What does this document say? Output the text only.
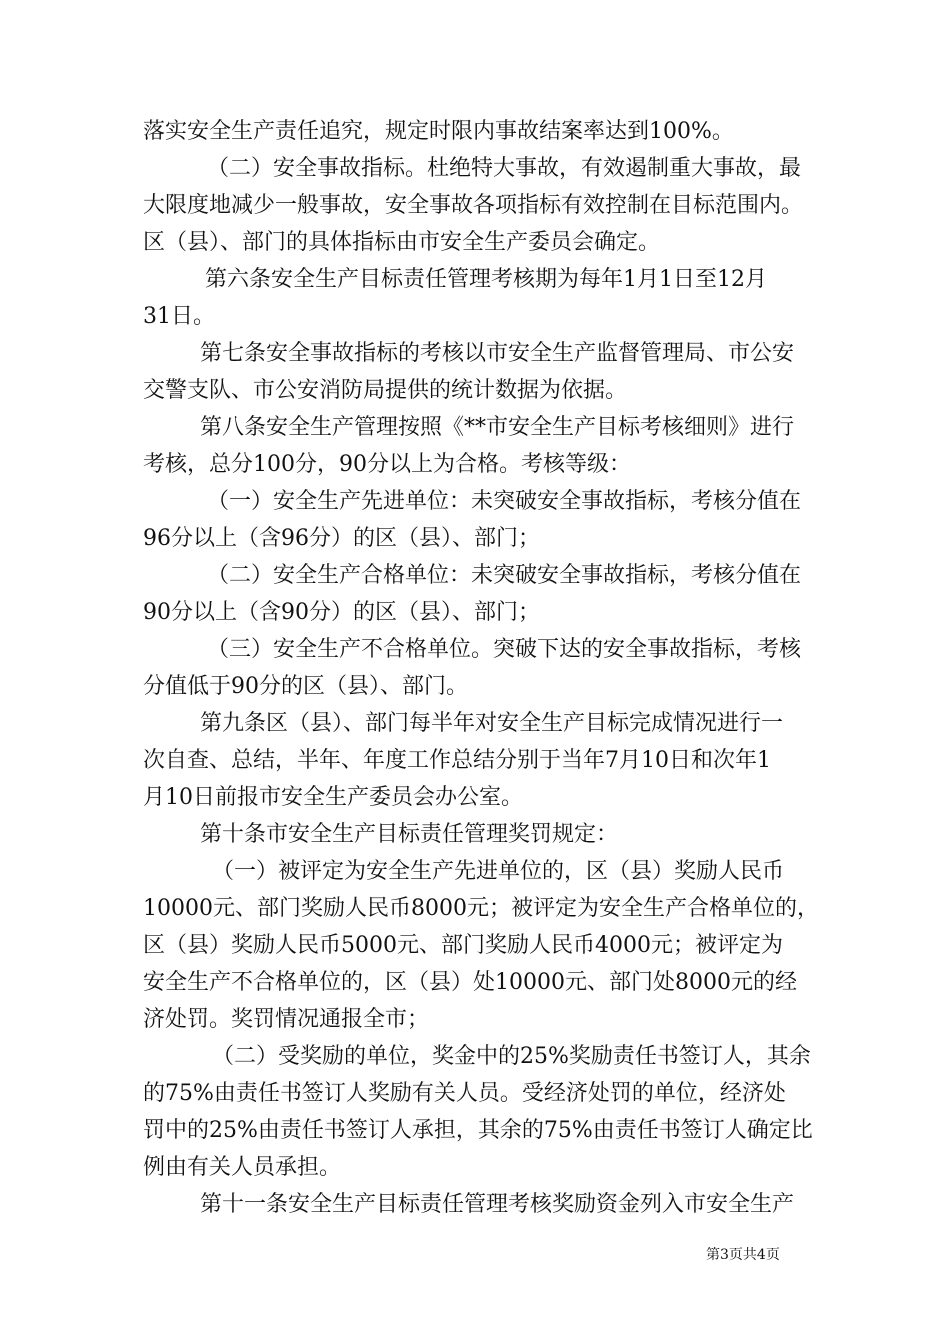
落实安全生产责任追究，规定时限内事故结案率达到100%。
（二）安全事故指标。杜绝特大事故，有效遏制重大事故，最
大限度地减少一般事故，安全事故各项指标有效控制在目标范围内。
区（县）、部门的具体指标由市安全生产委员会确定。
第六条安全生产目标责任管理考核期为每年1月1日至12月
31日。
第七条安全事故指标的考核以市安全生产监督管理局、市公安
交警支队、市公安消防局提供的统计数据为依据。
第八条安全生产管理按照《**市安全生产目标考核细则》进行
考核，总分100分，90分以上为合格。考核等级：
（一）安全生产先进单位：未突破安全事故指标，考核分值在
96分以上（含96分）的区（县）、部门；
（二）安全生产合格单位：未突破安全事故指标，考核分值在
90分以上（含90分）的区（县）、部门；
（三）安全生产不合格单位。突破下达的安全事故指标，考核
分值低于90分的区（县）、部门。
第九条区（县）、部门每半年对安全生产目标完成情况进行一
次自查、总结，半年、年度工作总结分别于当年7月10日和次年1
月10日前报市安全生产委员会办公室。
第十条市安全生产目标责任管理奖罚规定：
（一）被评定为安全生产先进单位的，区（县）奖励人民币
10000元、部门奖励人民币8000元；被评定为安全生产合格单位的，
区（县）奖励人民币5000元、部门奖励人民币4000元；被评定为
安全生产不合格单位的，区（县）处10000元、部门处8000元的经
济处罚。奖罚情况通报全市；
（二）受奖励的单位，奖金中的25%奖励责任书签订人，其余
的75%由责任书签订人奖励有关人员。受经济处罚的单位，经济处
罚中的25%由责任书签订人承担，其余的75%由责任书签订人确定比
例由有关人员承担。
第十一条安全生产目标责任管理考核奖励资金列入市安全生产
第3页共4页
